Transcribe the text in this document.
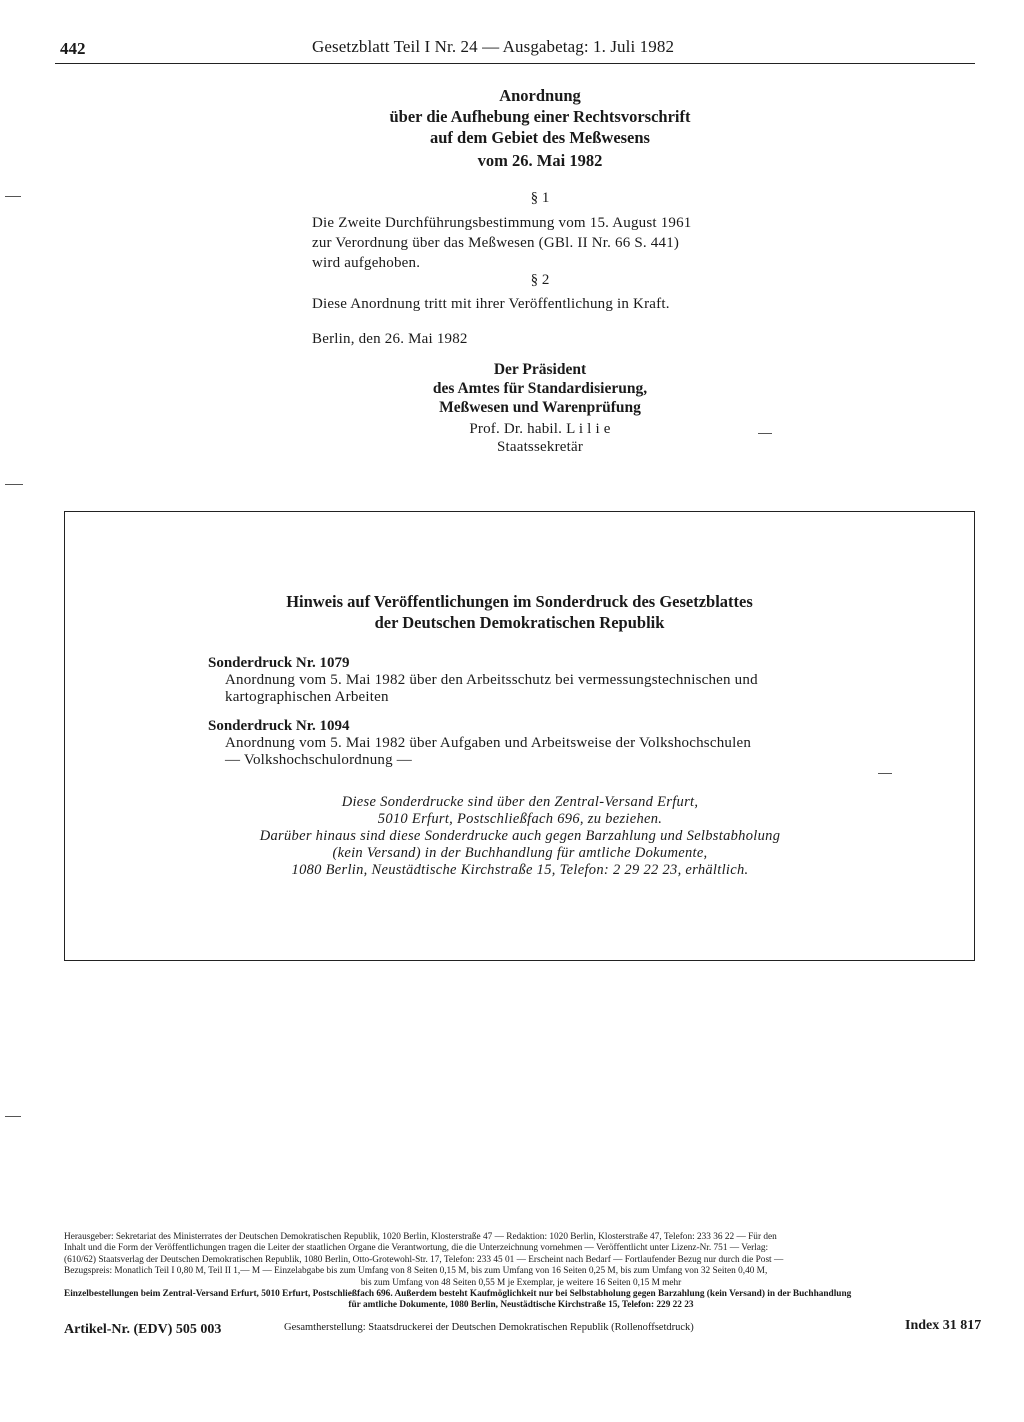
442	Gesetzblatt Teil I Nr. 24 — Ausgabetag: 1. Juli 1982
Anordnung
über die Aufhebung einer Rechtsvorschrift
auf dem Gebiet des Meßwesens
vom 26. Mai 1982
§ 1
Die Zweite Durchführungsbestimmung vom 15. August 1961
zur Verordnung über das Meßwesen (GBl. II Nr. 66 S. 441)
wird aufgehoben.
§ 2
Diese Anordnung tritt mit ihrer Veröffentlichung in Kraft.
Berlin, den 26. Mai 1982
Der Präsident
des Amtes für Standardisierung,
Meßwesen und Warenprüfung
Prof. Dr. habil. L i l i e
Staatssekretär
Hinweis auf Veröffentlichungen im Sonderdruck des Gesetzblattes
der Deutschen Demokratischen Republik
Sonderdruck Nr. 1079
Anordnung vom 5. Mai 1982 über den Arbeitsschutz bei vermessungstechnischen und
kartographischen Arbeiten
Sonderdruck Nr. 1094
Anordnung vom 5. Mai 1982 über Aufgaben und Arbeitsweise der Volkshochschulen
— Volkshochschulordnung —
Diese Sonderdrucke sind über den Zentral-Versand Erfurt,
5010 Erfurt, Postschließfach 696, zu beziehen.
Darüber hinaus sind diese Sonderdrucke auch gegen Barzahlung und Selbstabholung
(kein Versand) in der Buchhandlung für amtliche Dokumente,
1080 Berlin, Neustädtische Kirchstraße 15, Telefon: 2 29 22 23, erhältlich.
Herausgeber: Sekretariat des Ministerrates der Deutschen Demokratischen Republik, 1020 Berlin, Klosterstraße 47 — Redaktion: 1020 Berlin, Klosterstraße 47, Telefon: 233 36 22 — Für den
Inhalt und die Form der Veröffentlichungen tragen die Leiter der staatlichen Organe die Verantwortung, die die Unterzeichnung vornehmen — Veröffentlicht unter Lizenz-Nr. 751 — Verlag:
(610/62) Staatsverlag der Deutschen Demokratischen Republik, 1080 Berlin, Otto-Grotewohl-Str. 17, Telefon: 233 45 01 — Erscheint nach Bedarf — Fortlaufender Bezug nur durch die Post —
Bezugspreis: Monatlich Teil I 0,80 M, Teil II 1,— M — Einzelabgabe bis zum Umfang von 8 Seiten 0,15 M, bis zum Umfang von 16 Seiten 0,25 M, bis zum Umfang von 32 Seiten 0,40 M,
bis zum Umfang von 48 Seiten 0,55 M je Exemplar, je weitere 16 Seiten 0,15 M mehr
Einzelbestellungen beim Zentral-Versand Erfurt, 5010 Erfurt, Postschließfach 696. Außerdem besteht Kaufmöglichkeit nur bei Selbstabholung gegen Barzahlung (kein Versand) in der Buchhandlung
für amtliche Dokumente, 1080 Berlin, Neustädtische Kirchstraße 15, Telefon: 229 22 23
Artikel-Nr. (EDV) 505 003	Gesamtherstellung: Staatsdruckerei der Deutschen Demokratischen Republik (Rollenoffsetdruck)	Index 31 817
